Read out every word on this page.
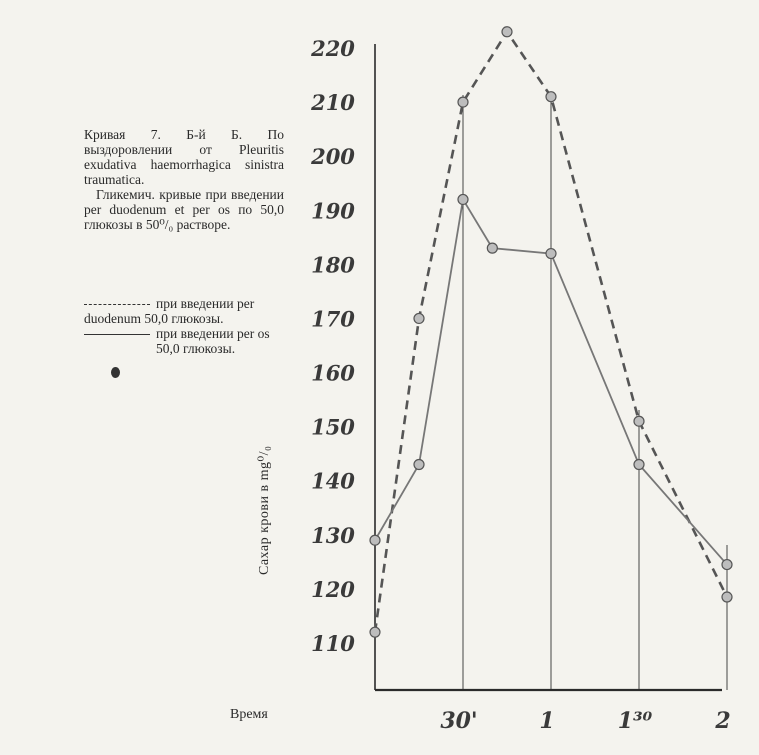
110
120
130
140
150
160
170
180
190
200
210
220
30'	1	1³⁰	2

Кривая 7. Б-й Б. По выздоровлении от Pleuritis exudativa haemorrhagica sinistra traumatica.

Гликемич. кривые при введении per duodenum et per os по 50,0 глюкозы в 50⁰/₀ растворе.

при введении per
duodenum 50,0 глюкозы.
при введении per os 50,0 глюкозы.
Сахар крови в mg⁰/₀
Время
